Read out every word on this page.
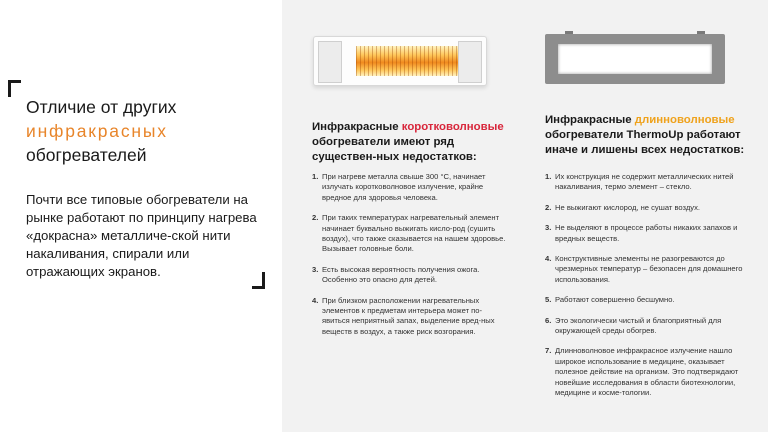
Отличие от других
инфракрасных
обогревателей
Почти все типовые обогреватели на рынке работают по принципу нагрева «докрасна» металличе-ской нити накаливания, спирали или отражающих экранов.
Инфракрасные коротковолновые обогреватели имеют ряд существен-ных недостатков:
Инфракрасные длинноволновые обогреватели ThermoUp работают иначе и лишены всех недостатков:
1. При нагреве металла свыше 300 °С, начинает излучать коротковолновое излучение, крайне вредное для здоровья человека.
2. При таких температурах нагревательный элемент начинает буквально выжигать кисло-род (сушить воздух), что также сказывается на нашем здоровье. Вызывает головные боли.
3. Есть высокая вероятность получения ожога. Особенно это опасно для детей.
4. При близком расположении нагревательных элементов к предметам интерьера может по-явиться неприятный запах, выделение вред-ных веществ в воздух, а также риск возгорания.
1. Их конструкция не содержит металлических нитей накаливания, термо элемент – стекло.
2. Не выжигают кислород, не сушат воздух.
3. Не выделяют в процессе работы никаких запахов и вредных веществ.
4. Конструктивные элементы не разогреваются до чрезмерных температур – безопасен для домашнего использования.
5. Работают совершенно бесшумно.
6. Это экологически чистый и благоприятный для окружающей среды обогрев.
7. Длинноволновое инфракрасное излучение нашло широкое использование в медицине, оказывает полезное действие на организм. Это подтверждают новейшие исследования в области биотехнологии, медицине и косме-тологии.
